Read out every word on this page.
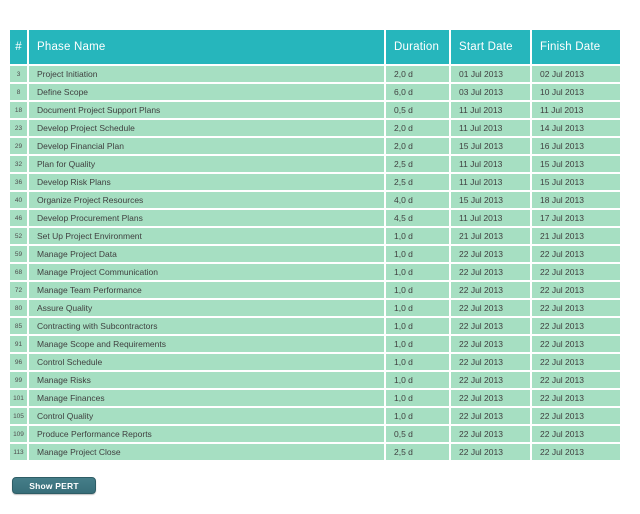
#	Phase Name	Duration	Start Date	Finish Date
3	Project Initiation	2,0 d	01 Jul 2013	02 Jul 2013
8	Define Scope	6,0 d	03 Jul 2013	10 Jul 2013
18	Document Project Support Plans	0,5 d	11 Jul 2013	11 Jul 2013
23	Develop Project Schedule	2,0 d	11 Jul 2013	14 Jul 2013
29	Develop Financial Plan	2,0 d	15 Jul 2013	16 Jul 2013
32	Plan for Quality	2,5 d	11 Jul 2013	15 Jul 2013
36	Develop Risk Plans	2,5 d	11 Jul 2013	15 Jul 2013
40	Organize Project Resources	4,0 d	15 Jul 2013	18 Jul 2013
46	Develop Procurement Plans	4,5 d	11 Jul 2013	17 Jul 2013
52	Set Up Project Environment	1,0 d	21 Jul 2013	21 Jul 2013
59	Manage Project Data	1,0 d	22 Jul 2013	22 Jul 2013
68	Manage Project Communication	1,0 d	22 Jul 2013	22 Jul 2013
72	Manage Team Performance	1,0 d	22 Jul 2013	22 Jul 2013
80	Assure Quality	1,0 d	22 Jul 2013	22 Jul 2013
85	Contracting with Subcontractors	1,0 d	22 Jul 2013	22 Jul 2013
91	Manage Scope and Requirements	1,0 d	22 Jul 2013	22 Jul 2013
96	Control Schedule	1,0 d	22 Jul 2013	22 Jul 2013
99	Manage Risks	1,0 d	22 Jul 2013	22 Jul 2013
101	Manage Finances	1,0 d	22 Jul 2013	22 Jul 2013
105	Control Quality	1,0 d	22 Jul 2013	22 Jul 2013
109	Produce Performance Reports	0,5 d	22 Jul 2013	22 Jul 2013
113	Manage Project Close	2,5 d	22 Jul 2013	22 Jul 2013
Show PERT
